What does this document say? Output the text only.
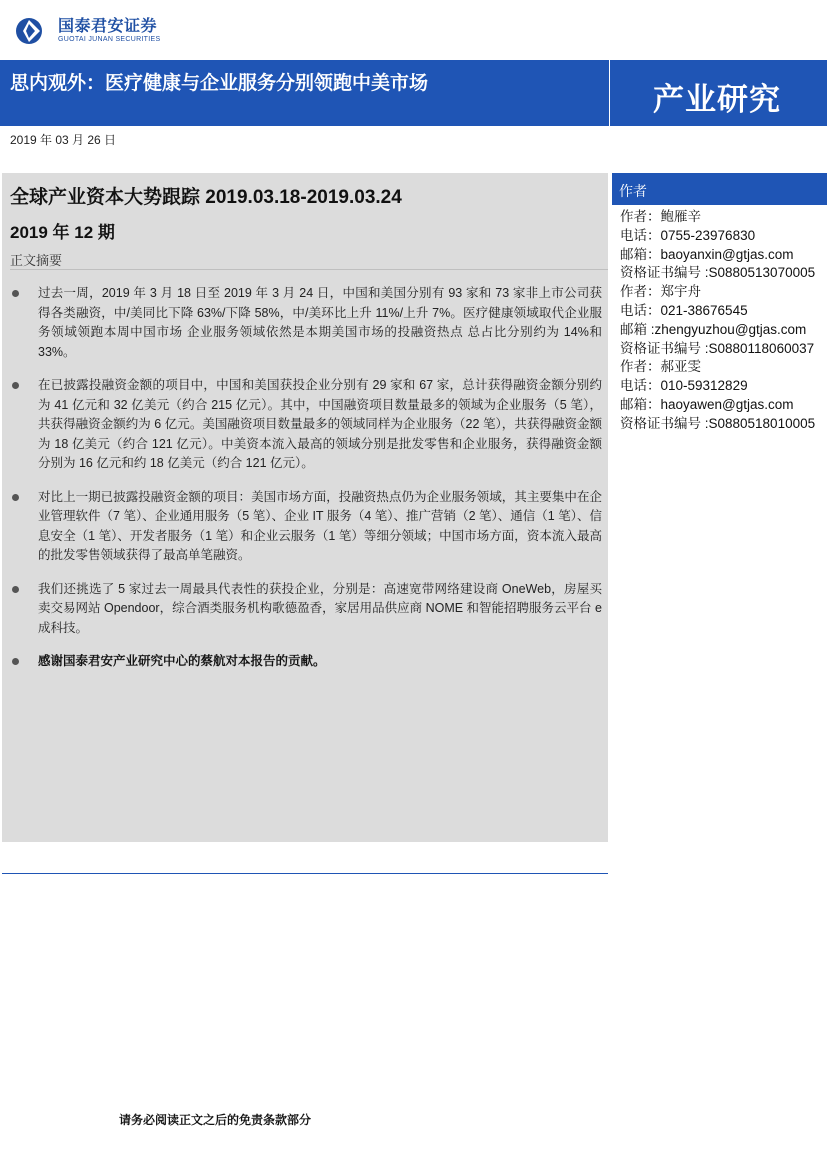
国泰君安证券
GUOTAI JUNAN SECURITIES
思内观外：医疗健康与企业服务分别领跑中美市场	产业研究
2019 年 03 月 26 日
全球产业资本大势跟踪 2019.03.18-2019.03.24
2019 年 12 期
正文摘要
过去一周，2019 年 3 月 18 日至 2019 年 3 月 24 日，中国和美国分别有 93 家和 73 家非上市公司获得各类融资，中/美同比下降 63%/下降 58%，中/美环比上升 11%/上升 7%。医疗健康领域取代企业服务领域领跑本周中国市场 企业服务领域依然是本期美国市场的投融资热点 总占比分别约为 14%和 33%。
在已披露投融资金额的项目中，中国和美国获投企业分别有 29 家和 67 家，总计获得融资金额分别约为 41 亿元和 32 亿美元（约合 215 亿元）。其中，中国融资项目数量最多的领域为企业服务（5 笔），共获得融资金额约为 6 亿元。美国融资项目数量最多的领域同样为企业服务（22 笔），共获得融资金额为 18 亿美元（约合 121 亿元）。中美资本流入最高的领域分别是批发零售和企业服务，获得融资金额分别为 16 亿元和约 18 亿美元（约合 121 亿元）。
对比上一期已披露投融资金额的项目：美国市场方面，投融资热点仍为企业服务领域，其主要集中在企业管理软件（7 笔）、企业通用服务（5 笔）、企业 IT 服务（4 笔）、推广营销（2 笔）、通信（1 笔）、信息安全（1 笔）、开发者服务（1 笔）和企业云服务（1 笔）等细分领域；中国市场方面，资本流入最高的批发零售领域获得了最高单笔融资。
我们还挑选了 5 家过去一周最具代表性的获投企业，分别是：高速宽带网络建设商 OneWeb，房屋买卖交易网站 Opendoor，综合酒类服务机构歌德盈香，家居用品供应商 NOME 和智能招聘服务云平台 e 成科技。
感谢国泰君安产业研究中心的蔡航对本报告的贡献。
作者
作者：鲍雁辛
电话：0755-23976830
邮箱：baoyanxin@gtjas.com
资格证书编号 :S0880513070005
作者：郑宇舟
电话：021-38676545
邮箱 :zhengyuzhou@gtjas.com
资格证书编号 :S0880118060037
作者：郝亚雯
电话：010-59312829
邮箱：haoyawen@gtjas.com
资格证书编号 :S0880518010005
请务必阅读正文之后的免责条款部分
